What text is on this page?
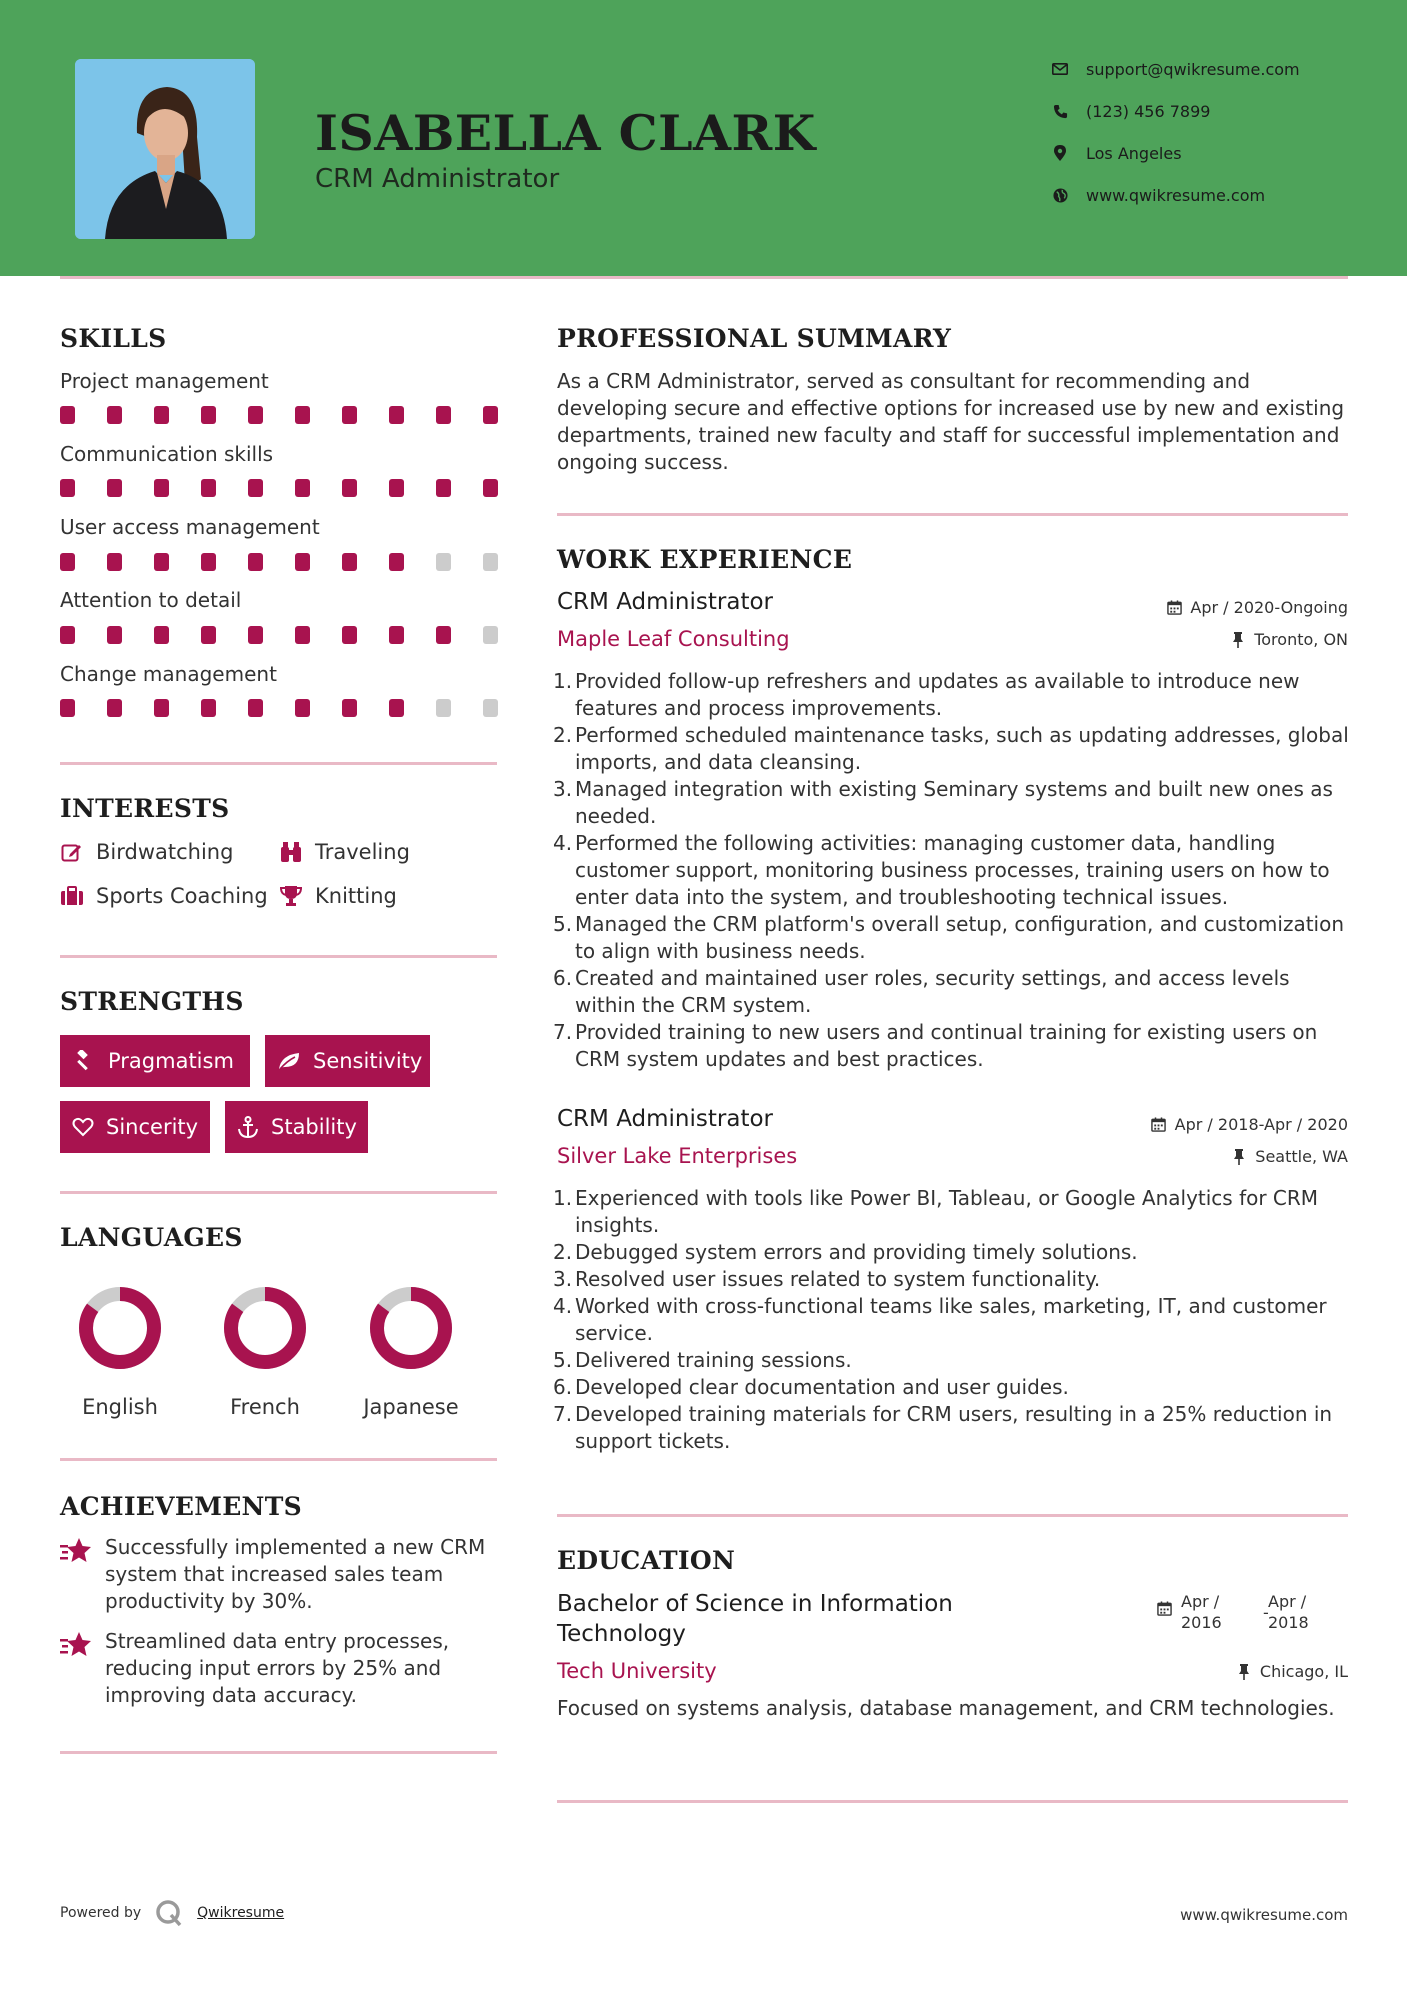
ISABELLA CLARK
CRM Administrator
support@qwikresume.com
(123) 456 7899
Los Angeles
www.qwikresume.com
SKILLS
Project management
Communication skills
User access management
Attention to detail
Change management
INTERESTS
Birdwatching	Traveling
Sports Coaching Knitting
STRENGTHS
Pragmatism	Sensitivity
Sincerity	Stability
LANGUAGES
English	French	Japanese
ACHIEVEMENTS
Successfully implemented a new CRM system that increased sales team productivity by 30%.
Streamlined data entry processes, reducing input errors by 25% and improving data accuracy.
PROFESSIONAL SUMMARY
As a CRM Administrator, served as consultant for recommending and developing secure and effective options for increased use by new and existing departments, trained new faculty and staff for successful implementation and ongoing success.
WORK EXPERIENCE
CRM Administrator	Apr / 2020-Ongoing
Maple Leaf Consulting	Toronto, ON
1. Provided follow-up refreshers and updates as available to introduce new features and process improvements.
2. Performed scheduled maintenance tasks, such as updating addresses, global imports, and data cleansing.
3. Managed integration with existing Seminary systems and built new ones as needed.
4. Performed the following activities: managing customer data, handling customer support, monitoring business processes, training users on how to enter data into the system, and troubleshooting technical issues.
5. Managed the CRM platform's overall setup, configuration, and customization to align with business needs.
6. Created and maintained user roles, security settings, and access levels within the CRM system.
7. Provided training to new users and continual training for existing users on CRM system updates and best practices.
CRM Administrator	Apr / 2018-Apr / 2020
Silver Lake Enterprises	Seattle, WA
1. Experienced with tools like Power BI, Tableau, or Google Analytics for CRM insights.
2. Debugged system errors and providing timely solutions.
3. Resolved user issues related to system functionality.
4. Worked with cross-functional teams like sales, marketing, IT, and customer service.
5. Delivered training sessions.
6. Developed clear documentation and user guides.
7. Developed training materials for CRM users, resulting in a 25% reduction in support tickets.
EDUCATION
Bachelor of Science in Information Technology
Apr / 2016
-
Apr / 2018
Tech University	Chicago, IL
Focused on systems analysis, database management, and CRM technologies.
Powered by	Qwikresume	www.qwikresume.com
